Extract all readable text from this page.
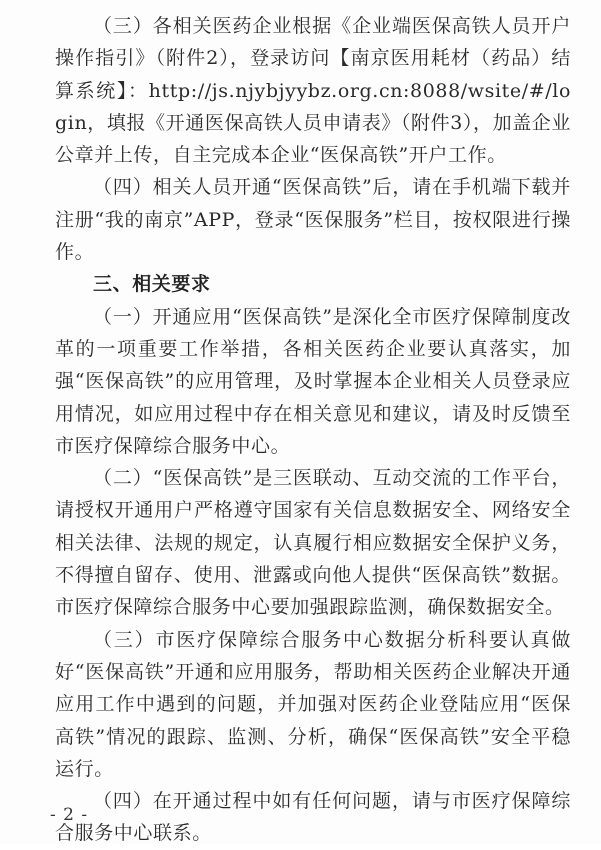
（三）各相关医药企业根据《企业端医保高铁人员开户操作指引》（附件2），登录访问【南京医用耗材（药品）结算系统】：http://js.njybjyybz.org.cn:8088/wsite/#/login，填报《开通医保高铁人员申请表》（附件3），加盖企业公章并上传，自主完成本企业“医保高铁”开户工作。

（四）相关人员开通“医保高铁”后，请在手机端下载并注册“我的南京”APP，登录“医保服务”栏目，按权限进行操作。

三、相关要求

（一）开通应用“医保高铁”是深化全市医疗保障制度改革的一项重要工作举措，各相关医药企业要认真落实，加强“医保高铁”的应用管理，及时掌握本企业相关人员登录应用情况，如应用过程中存在相关意见和建议，请及时反馈至市医疗保障综合服务中心。

（二）“医保高铁”是三医联动、互动交流的工作平台，请授权开通用户严格遵守国家有关信息数据安全、网络安全相关法律、法规的规定，认真履行相应数据安全保护义务，不得擅自留存、使用、泄露或向他人提供“医保高铁”数据。市医疗保障综合服务中心要加强跟踪监测，确保数据安全。

（三）市医疗保障综合服务中心数据分析科要认真做好“医保高铁”开通和应用服务，帮助相关医药企业解决开通应用工作中遇到的问题，并加强对医药企业登陆应用“医保高铁”情况的跟踪、监测、分析，确保“医保高铁”安全平稳运行。

（四）在开通过程中如有任何问题，请与市医疗保障综合服务中心联系。

- 2 -
